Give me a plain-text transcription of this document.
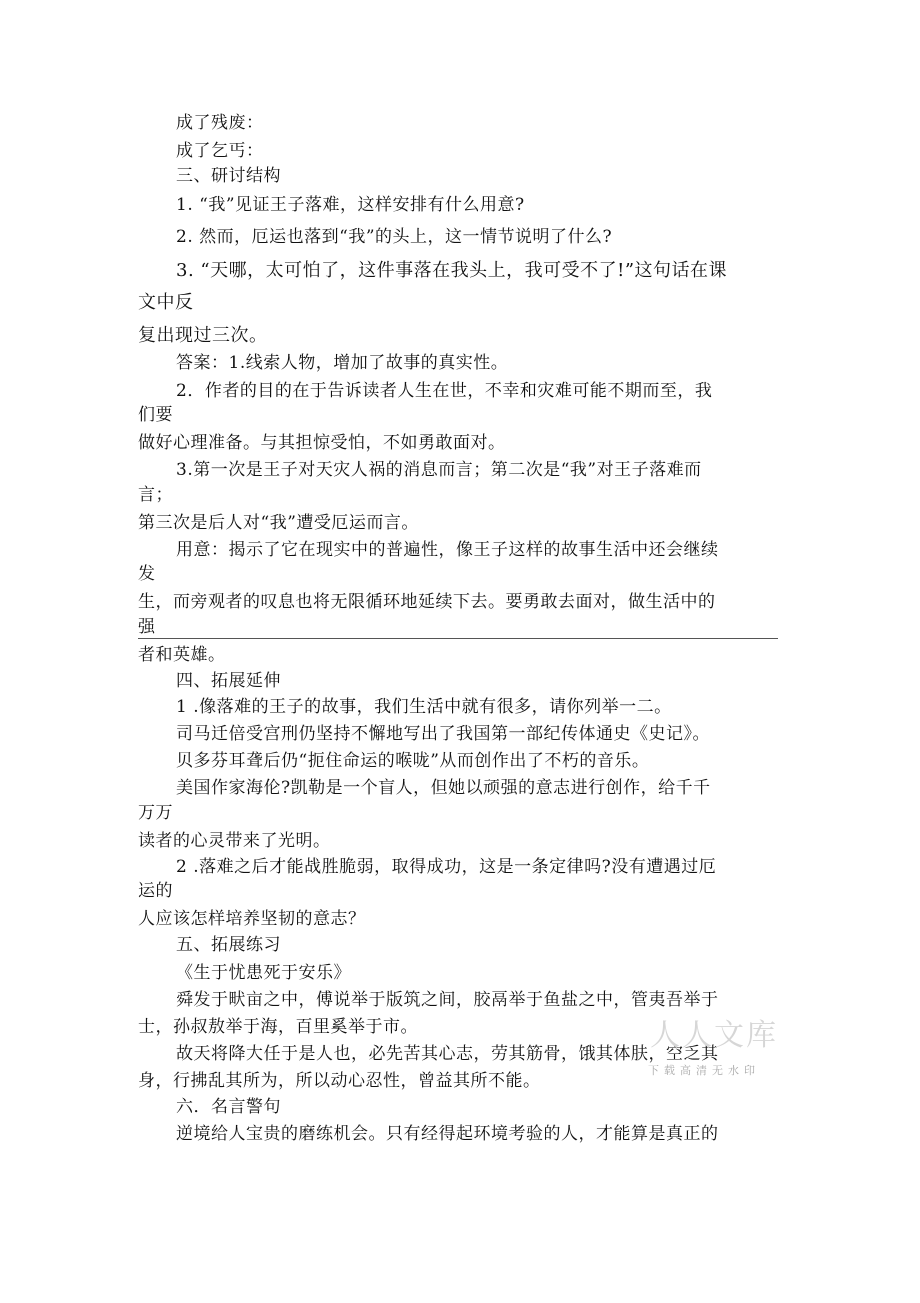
成了残废：
成了乞丐：
三、研讨结构
1. “我”见证王子落难，这样安排有什么用意?
2. 然而，厄运也落到“我”的头上，这一情节说明了什么?
3. “天哪，太可怕了，这件事落在我头上，我可受不了!”这句话在课
文中反
复出现过三次。
答案：1.线索人物，增加了故事的真实性。
2．作者的目的在于告诉读者人生在世，不幸和灾难可能不期而至，我
们要
做好心理准备。与其担惊受怕，不如勇敢面对。
3.第一次是王子对天灾人祸的消息而言；第二次是“我”对王子落难而
言；
第三次是后人对“我”遭受厄运而言。
用意：揭示了它在现实中的普遍性，像王子这样的故事生活中还会继续
发
生，而旁观者的叹息也将无限循环地延续下去。要勇敢去面对，做生活中的
强
者和英雄。
四、拓展延伸
1 .像落难的王子的故事，我们生活中就有很多，请你列举一二。
司马迁倍受宫刑仍坚持不懈地写出了我国第一部纪传体通史《史记》。
贝多芬耳聋后仍“扼住命运的喉咙”从而创作出了不朽的音乐。
美国作家海伦?凯勒是一个盲人，但她以顽强的意志进行创作，给千千
万万
读者的心灵带来了光明。
2 .落难之后才能战胜脆弱，取得成功，这是一条定律吗?没有遭遇过厄
运的
人应该怎样培养坚韧的意志？
五、拓展练习
《生于忧患死于安乐》
舜发于畎亩之中，傅说举于版筑之间，胶鬲举于鱼盐之中，管夷吾举于
士，孙叔敖举于海，百里奚举于市。
故天将降大任于是人也，必先苦其心志，劳其筋骨，饿其体肤，空乏其
身，行拂乱其所为，所以动心忍性，曾益其所不能。
六．名言警句
逆境给人宝贵的磨练机会。只有经得起环境考验的人，才能算是真正的
人人文库
下载高清无水印
